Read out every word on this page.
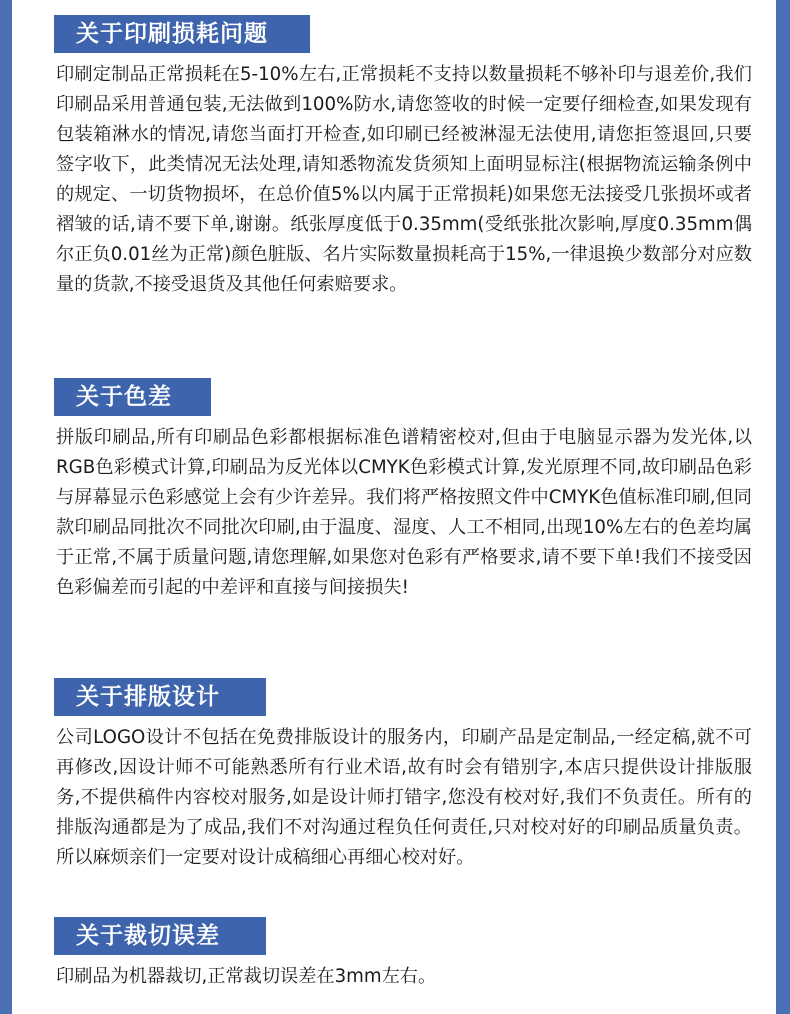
关于印刷损耗问题
印刷定制品正常损耗在5-10%左右,正常损耗不支持以数量损耗不够补印与退差价,我们印刷品采用普通包装,无法做到100%防水,请您签收的时候一定要仔细检查,如果发现有包装箱淋水的情况,请您当面打开检查,如印刷已经被淋湿无法使用,请您拒签退回,只要签字收下，此类情况无法处理,请知悉物流发货须知上面明显标注(根据物流运输条例中的规定、一切货物损坏，在总价值5%以内属于正常损耗)如果您无法接受几张损坏或者褶皱的话,请不要下单,谢谢。纸张厚度低于0.35mm(受纸张批次影响,厚度0.35mm偶尔正负0.01丝为正常)颜色脏版、名片实际数量损耗高于15%,一律退换少数部分对应数量的货款,不接受退货及其他任何索赔要求。
关于色差
拼版印刷品,所有印刷品色彩都根据标准色谱精密校对,但由于电脑显示器为发光体,以RGB色彩模式计算,印刷品为反光体以CMYK色彩模式计算,发光原理不同,故印刷品色彩与屏幕显示色彩感觉上会有少许差异。我们将严格按照文件中CMYK色值标准印刷,但同款印刷品同批次不同批次印刷,由于温度、湿度、人工不相同,出现10%左右的色差均属于正常,不属于质量问题,请您理解,如果您对色彩有严格要求,请不要下单!我们不接受因色彩偏差而引起的中差评和直接与间接损失!
关于排版设计
公司LOGO设计不包括在免费排版设计的服务内，印刷产品是定制品,一经定稿,就不可再修改,因设计师不可能熟悉所有行业术语,故有时会有错别字,本店只提供设计排版服务,不提供稿件内容校对服务,如是设计师打错字,您没有校对好,我们不负责任。所有的排版沟通都是为了成品,我们不对沟通过程负任何责任,只对校对好的印刷品质量负责。所以麻烦亲们一定要对设计成稿细心再细心校对好。
关于裁切误差
印刷品为机器裁切,正常裁切误差在3mm左右。
